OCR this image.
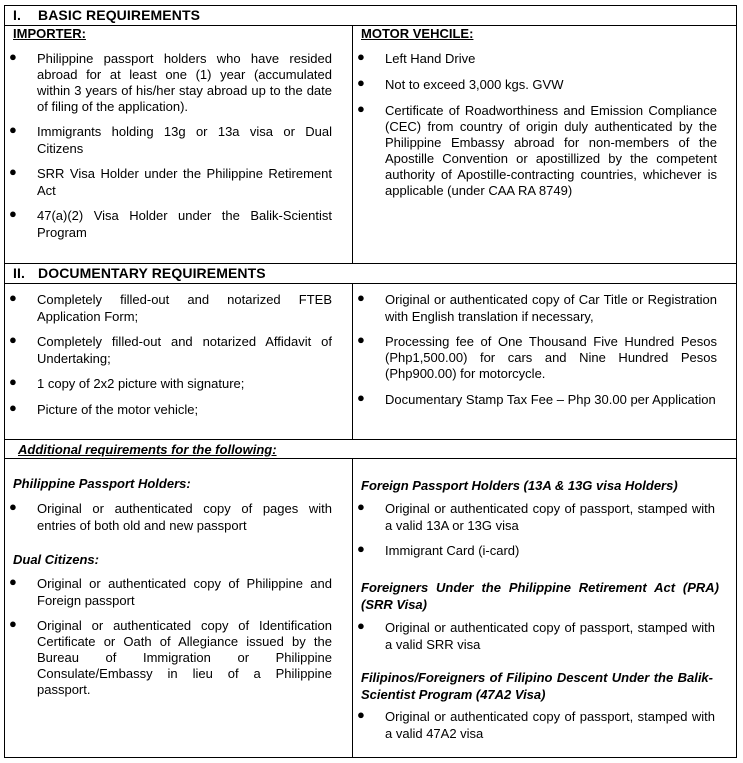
I. BASIC REQUIREMENTS
IMPORTER:	MOTOR VEHCILE:
● Philippine passport holders who have resided abroad for at least one (1) year (accumulated within 3 years of his/her stay abroad up to the date of filing of the application).
● Immigrants holding 13g or 13a visa or Dual Citizens
● SRR Visa Holder under the Philippine Retirement Act
● 47(a)(2) Visa Holder under the Balik-Scientist Program
● Left Hand Drive
● Not to exceed 3,000 kgs. GVW
● Certificate of Roadworthiness and Emission Compliance (CEC) from country of origin duly authenticated by the Philippine Embassy abroad for non-members of the Apostille Convention or apostillized by the competent authority of Apostille-contracting countries, whichever is applicable (under CAA RA 8749)
II. DOCUMENTARY REQUIREMENTS
● Completely filled-out and notarized FTEB Application Form;
● Completely filled-out and notarized Affidavit of Undertaking;
● 1 copy of 2x2 picture with signature;
● Picture of the motor vehicle;
● Original or authenticated copy of Car Title or Registration with English translation if necessary,
● Processing fee of One Thousand Five Hundred Pesos (Php1,500.00) for cars and Nine Hundred Pesos (Php900.00) for motorcycle.
● Documentary Stamp Tax Fee – Php 30.00 per Application
Additional requirements for the following:
Philippine Passport Holders:
● Original or authenticated copy of pages with entries of both old and new passport
Dual Citizens:
● Original or authenticated copy of Philippine and Foreign passport
● Original or authenticated copy of Identification Certificate or Oath of Allegiance issued by the Bureau of Immigration or Philippine Consulate/Embassy in lieu of a Philippine passport.
Foreign Passport Holders (13A & 13G visa Holders)
● Original or authenticated copy of passport, stamped with a valid 13A or 13G visa
● Immigrant Card (i-card)
Foreigners Under the Philippine Retirement Act (PRA) (SRR Visa)
● Original or authenticated copy of passport, stamped with a valid SRR visa
Filipinos/Foreigners of Filipino Descent Under the Balik-Scientist Program (47A2 Visa)
● Original or authenticated copy of passport, stamped with a valid 47A2 visa
